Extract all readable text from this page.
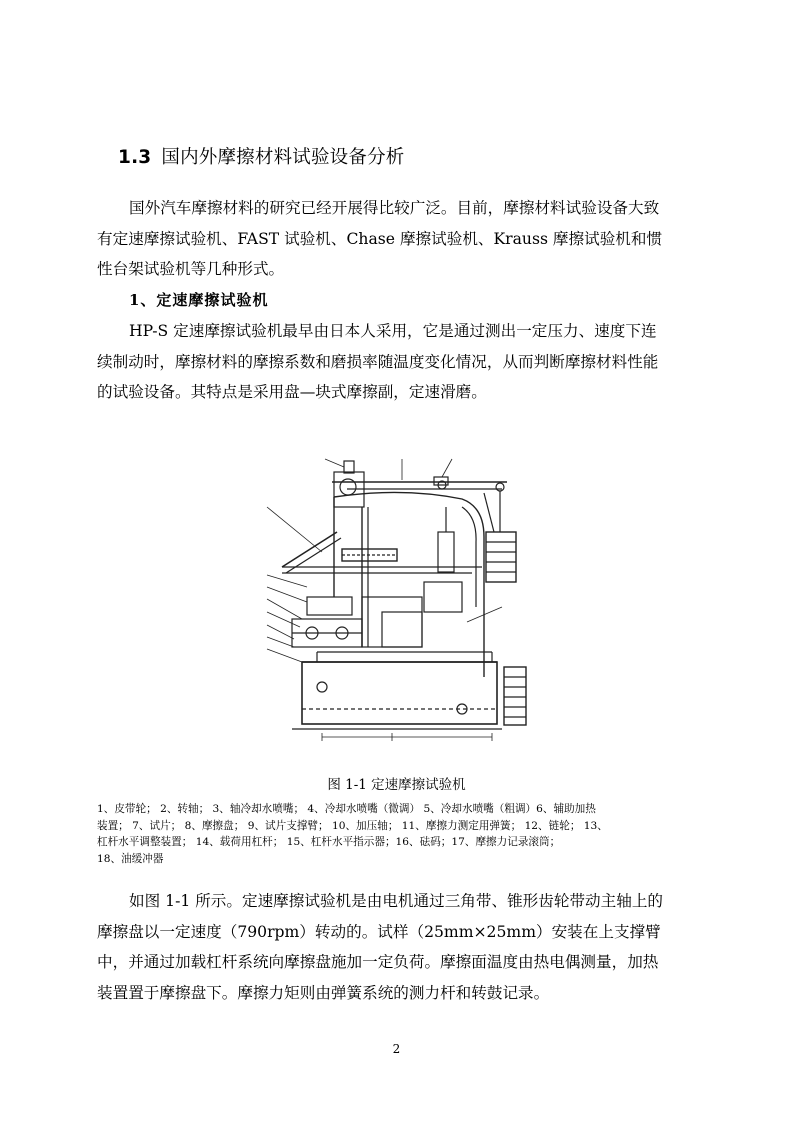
1.3 国内外摩擦材料试验设备分析
国外汽车摩擦材料的研究已经开展得比较广泛。目前，摩擦材料试验设备大致
有定速摩擦试验机、FAST 试验机、Chase 摩擦试验机、Krauss 摩擦试验机和惯
性台架试验机等几种形式。
1、定速摩擦试验机
HP-S 定速摩擦试验机最早由日本人采用，它是通过测出一定压力、速度下连
续制动时，摩擦材料的摩擦系数和磨损率随温度变化情况，从而判断摩擦材料性能
的试验设备。其特点是采用盘—块式摩擦副，定速滑磨。
图 1-1 定速摩擦试验机
1、皮带轮； 2、转轴； 3、轴冷却水喷嘴； 4、冷却水喷嘴（微调） 5、冷却水喷嘴（粗调）6、辅助加热
装置； 7、试片； 8、摩擦盘； 9、试片支撑臂； 10、加压轴； 11、摩擦力测定用弹簧； 12、链轮； 13、
杠杆水平调整装置； 14、载荷用杠杆； 15、杠杆水平指示器；16、砝码；17、摩擦力记录滚筒；
18、油缓冲器
如图 1-1 所示。定速摩擦试验机是由电机通过三角带、锥形齿轮带动主轴上的
摩擦盘以一定速度（790rpm）转动的。试样（25mm×25mm）安装在上支撑臂
中，并通过加载杠杆系统向摩擦盘施加一定负荷。摩擦面温度由热电偶测量，加热
装置置于摩擦盘下。摩擦力矩则由弹簧系统的测力杆和转鼓记录。
2
